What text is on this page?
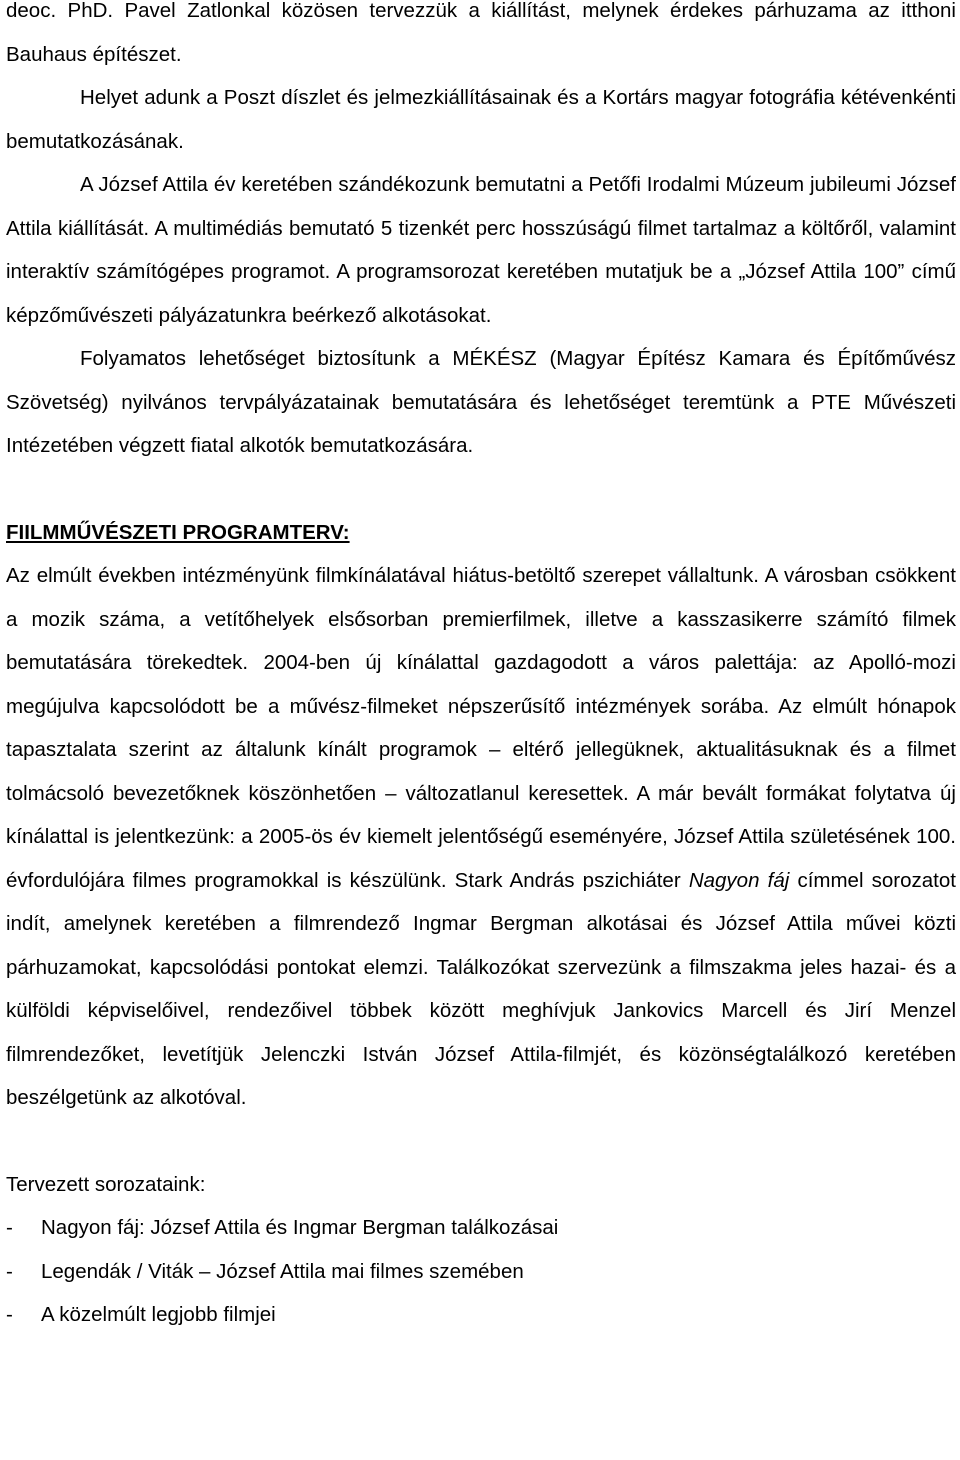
deoc. PhD. Pavel Zatlonkal közösen tervezzük a kiállítást, melynek érdekes párhuzama az itthoni Bauhaus építészet.

Helyet adunk a Poszt díszlet és jelmezkiállításainak és a Kortárs magyar fotográfia kétévenkénti bemutatkozásának.

A József Attila év keretében szándékozunk bemutatni a Petőfi Irodalmi Múzeum jubileumi József Attila kiállítását. A multimédiás bemutató 5 tizenkét perc hosszúságú filmet tartalmaz a költőről, valamint interaktív számítógépes programot. A programsorozat keretében mutatjuk be a „József Attila 100” című képzőművészeti pályázatunkra beérkező alkotásokat.

Folyamatos lehetőséget biztosítunk a MÉKÉSZ (Magyar Építész Kamara és Építőművész Szövetség) nyilvános tervpályázatainak bemutatására és lehetőséget teremtünk a PTE Művészeti Intézetében végzett fiatal alkotók bemutatkozására.

FIILMMŰVÉSZETI PROGRAMTERV:

Az elmúlt években intézményünk filmkínálatával hiátus-betöltő szerepet vállaltunk. A városban csökkent a mozik száma, a vetítőhelyek elsősorban premierfilmek, illetve a kasszasikerre számító filmek bemutatására törekedtek. 2004-ben új kínálattal gazdagodott a város palettája: az Apolló-mozi megújulva kapcsolódott be a művész-filmeket népszerűsítő intézmények sorába. Az elmúlt hónapok tapasztalata szerint az általunk kínált programok – eltérő jellegüknek, aktualitásuknak és a filmet tolmácsoló bevezetőknek köszönhetően – változatlanul keresettek. A már bevált formákat folytatva új kínálattal is jelentkezünk: a 2005-ös év kiemelt jelentőségű eseményére, József Attila születésének 100. évfordulójára filmes programokkal is készülünk. Stark András pszichiáter Nagyon fáj címmel sorozatot indít, amelynek keretében a filmrendező Ingmar Bergman alkotásai és József Attila művei közti párhuzamokat, kapcsolódási pontokat elemzi. Találkozókat szervezünk a filmszakma jeles hazai- és a külföldi képviselőivel, rendezőivel többek között meghívjuk Jankovics Marcell és Jirí Menzel filmrendezőket, levetítjük Jelenczki István József Attila-filmjét, és közönségtalálkozó keretében beszélgetünk az alkotóval.

Tervezett sorozataink:

-	Nagyon fáj: József Attila és Ingmar Bergman találkozásai
-	Legendák / Viták – József Attila mai filmes szemében
-	A közelmúlt legjobb filmjei
